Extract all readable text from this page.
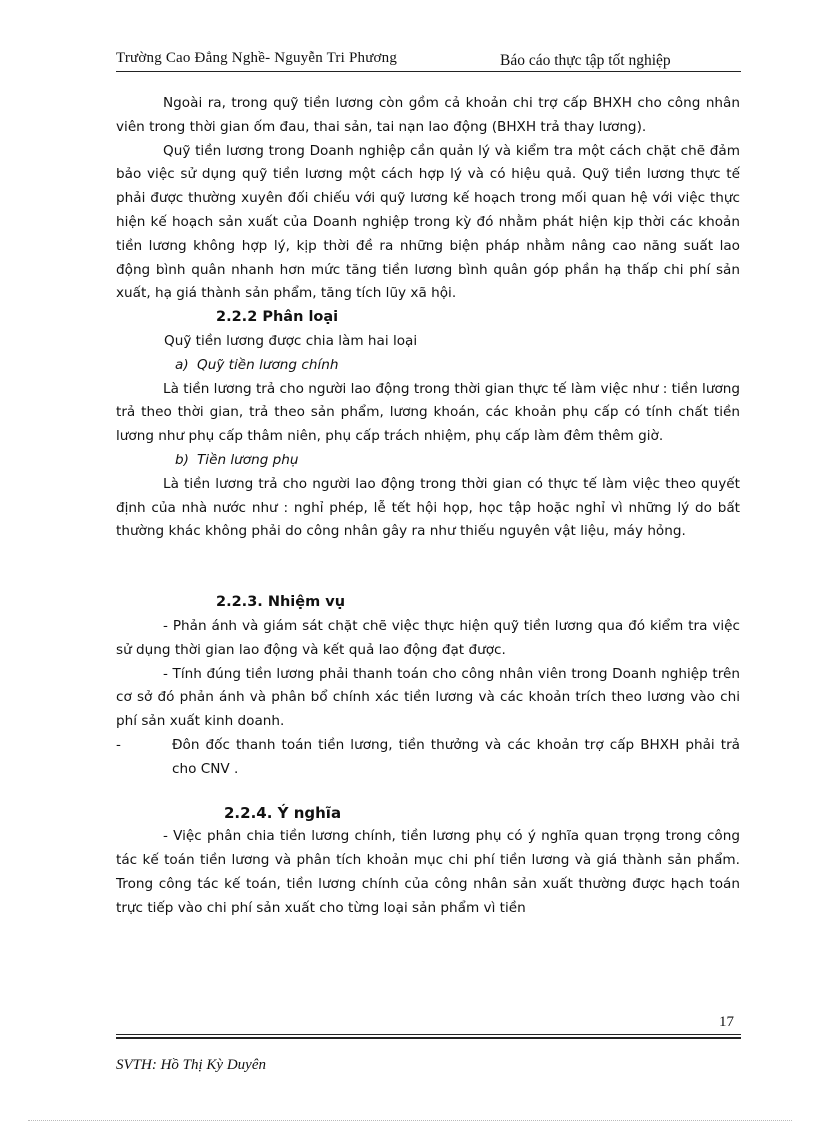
Trường Cao Đẳng Nghề- Nguyễn Tri Phương	Báo cáo thực tập tốt nghiệp

Ngoài ra, trong quỹ tiền lương còn gồm cả khoản chi trợ cấp BHXH cho công nhân viên trong thời gian ốm đau, thai sản, tai nạn lao động (BHXH trả thay lương).

Quỹ tiền lương trong Doanh nghiệp cần quản lý và kiểm tra một cách chặt chẽ đảm bảo việc sử dụng quỹ tiền lương một cách hợp lý và có hiệu quả. Quỹ tiền lương thực tế phải được thường xuyên đối chiếu với quỹ lương kế hoạch trong mối quan hệ với việc thực hiện kế hoạch sản xuất của Doanh nghiệp trong kỳ đó nhằm phát hiện kịp thời các khoản tiền lương không hợp lý, kịp thời đề ra những biện pháp nhằm nâng cao năng suất lao động bình quân nhanh hơn mức tăng tiền lương bình quân góp phần hạ thấp chi phí sản xuất, hạ giá thành sản phẩm, tăng tích lũy xã hội.

2.2.2 Phân loại

Quỹ tiền lương được chia làm hai loại

a) Quỹ tiền lương chính

Là tiền lương trả cho người lao động trong thời gian thực tế làm việc như : tiền lương trả theo thời gian, trả theo sản phẩm, lương khoán, các khoản phụ cấp có tính chất tiền lương như phụ cấp thâm niên, phụ cấp trách nhiệm, phụ cấp làm đêm thêm giờ.

b) Tiền lương phụ

Là tiền lương trả cho người lao động trong thời gian có thực tế làm việc theo quyết định của nhà nước như : nghỉ phép, lễ tết hội họp, học tập hoặc nghỉ vì những lý do bất thường khác không phải do công nhân gây ra như thiếu nguyên vật liệu, máy hỏng.

2.2.3. Nhiệm vụ

- Phản ánh và giám sát chặt chẽ việc thực hiện quỹ tiền lương qua đó kiểm tra việc sử dụng thời gian lao động và kết quả lao động đạt được.

- Tính đúng tiền lương phải thanh toán cho công nhân viên trong Doanh nghiệp trên cơ sở đó phản ánh và phân bổ chính xác tiền lương và các khoản trích theo lương vào chi phí sản xuất kinh doanh.

-	Đôn đốc thanh toán tiền lương, tiền thưởng và các khoản trợ cấp BHXH phải trả cho CNV .

2.2.4. Ý nghĩa

- Việc phân chia tiền lương chính, tiền lương phụ có ý nghĩa quan trọng trong công tác kế toán tiền lương và phân tích khoản mục chi phí tiền lương và giá thành sản phẩm. Trong công tác kế toán, tiền lương chính của công nhân sản xuất thường được hạch toán trực tiếp vào chi phí sản xuất cho từng loại sản phẩm vì tiền

17
SVTH: Hồ Thị Kỳ Duyên
